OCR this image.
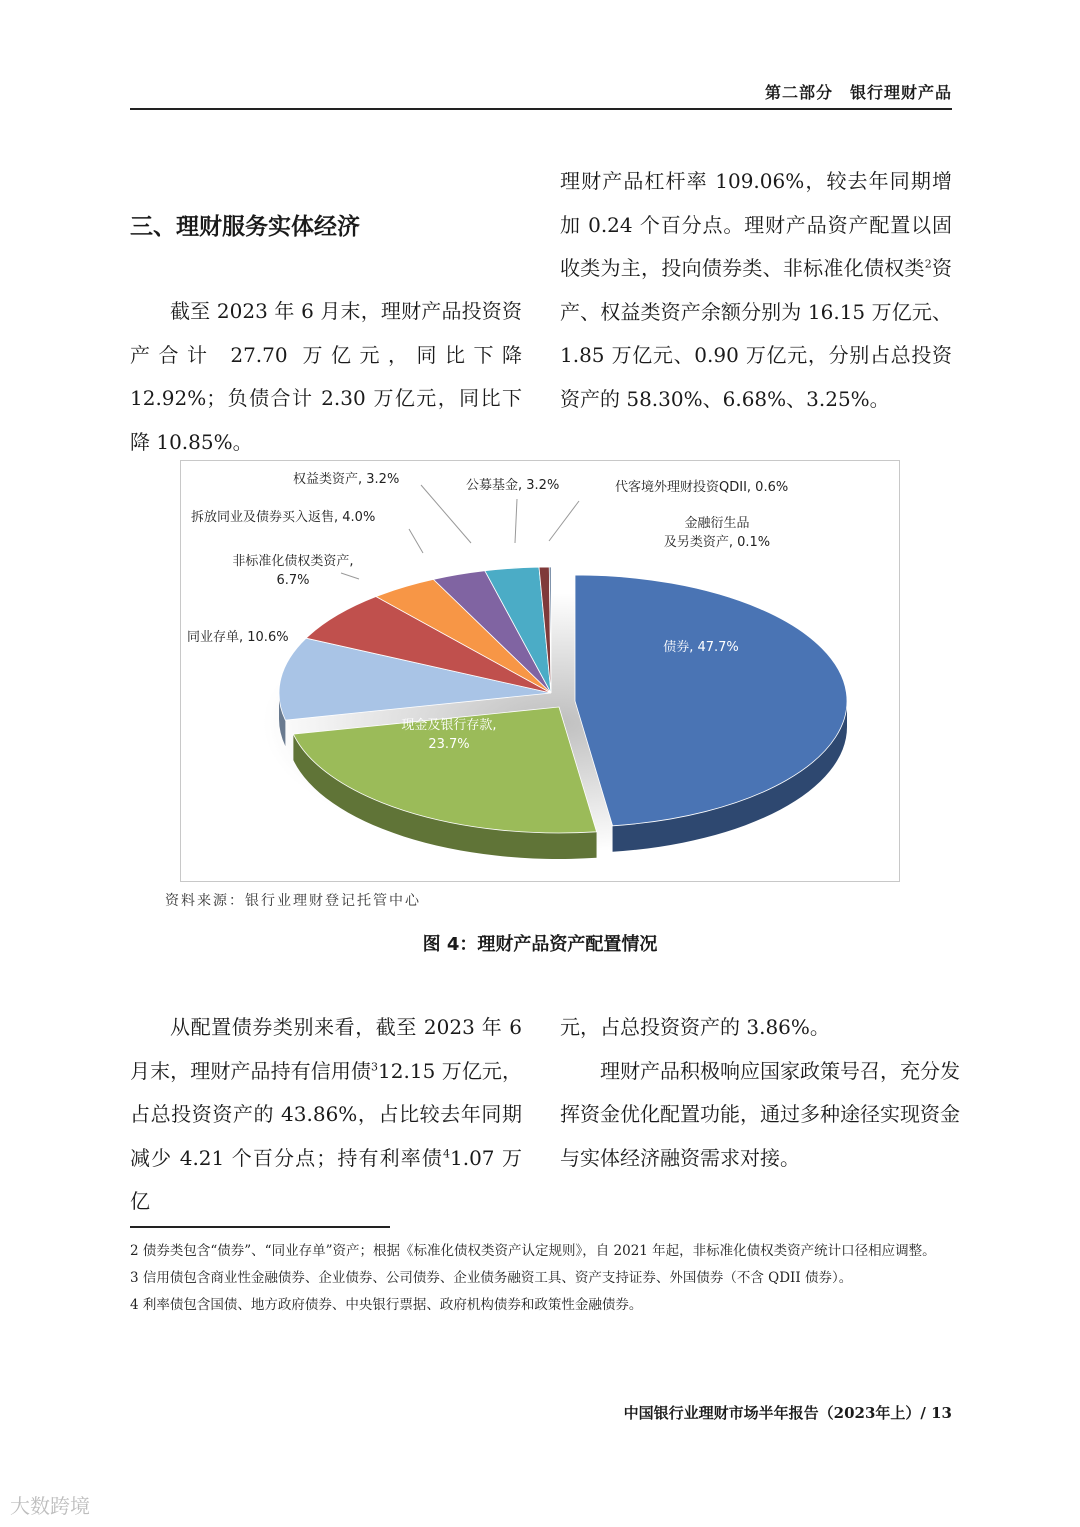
第二部分　银行理财产品
三、理财服务实体经济
截至 2023 年 6 月末，理财产品投资资产合计 27.70 万亿元，同比下降 12.92%；负债合计 2.30 万亿元，同比下降 10.85%。
理财产品杠杆率 109.06%，较去年同期增加 0.24 个百分点。理财产品资产配置以固收类为主，投向债券类、非标准化债权类$^2$资产、权益类资产余额分别为 16.15 万亿元、1.85 万亿元、0.90 万亿元，分别占总投资资产的 58.30%、6.68%、3.25%。
债券, 47.7%
现金及银行存款, 23.7%
同业存单, 10.6%
非标准化债权类资产, 6.7%
拆放同业及债券买入返售, 4.0%
权益类资产, 3.2%	公募基金, 3.2%	代客境外理财投资QDII, 0.6%
金融衍生品及另类资产, 0.1%
资料来源：银行业理财登记托管中心
图 4：理财产品资产配置情况
从配置债券类别来看，截至 2023 年 6 月末，理财产品持有信用债$^3$12.15 万亿元，占总投资资产的 43.86%，占比较去年同期减少 4.21 个百分点；持有利率债$^4$1.07 万亿
元，占总投资资产的 3.86%。
理财产品积极响应国家政策号召，充分发挥资金优化配置功能，通过多种途径实现资金与实体经济融资需求对接。
2 债券类包含“债券”、“同业存单”资产；根据《标准化债权类资产认定规则》，自 2021 年起，非标准化债权类资产统计口径相应调整。
3 信用债包含商业性金融债券、企业债券、公司债券、企业债务融资工具、资产支持证券、外国债券（不含 QDII 债券）。
4 利率债包含国债、地方政府债券、中央银行票据、政府机构债券和政策性金融债券。
中国银行业理财市场半年报告（2023年上）/ 13
大数跨境
